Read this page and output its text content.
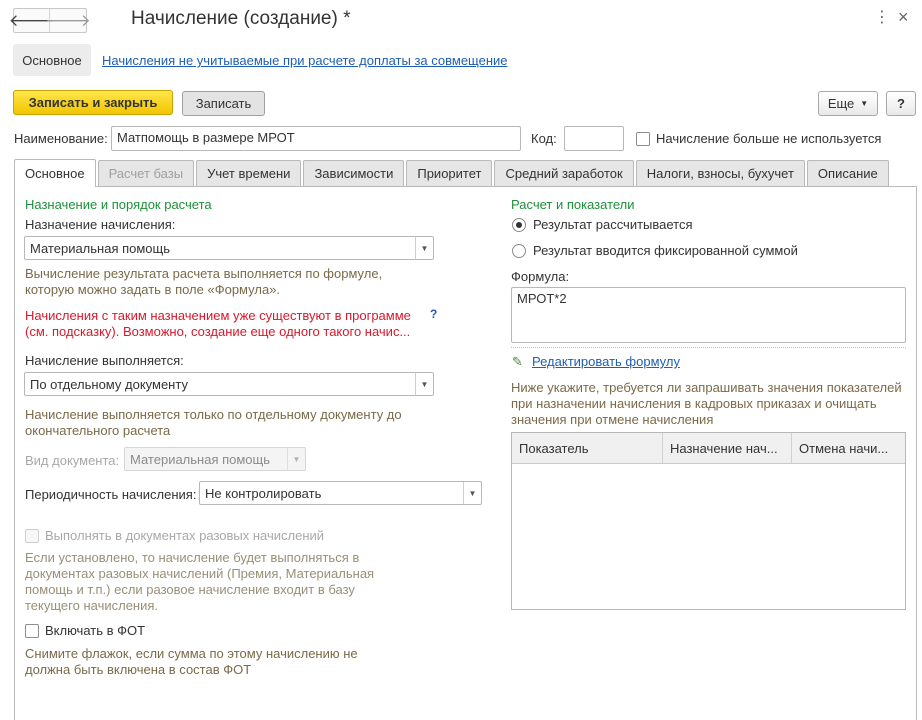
🡐
🡒 Начисление (создание) *	⋮ ×
Основное	Начисления не учитываемые при расчете доплаты за совмещение
Записать и закрыть	Записать	Еще ▼	?
Наименование: Матпомощь в размере МРОТ	Код:	Начисление больше не используется
Основное	Расчет базы	Учет времени	Зависимости	Приоритет	Средний заработок	Налоги, взносы, бухучет	Описание
Назначение и порядок расчета
Назначение начисления:
Материальная помощь	▼
Вычисление результата расчета выполняется по формуле,
которую можно задать в поле «Формула».
Начисления с таким назначением уже существуют в программе
(см. подсказку). Возможно, создание еще одного такого начис...
?
Начисление выполняется:
По отдельному документу	▼
Начисление выполняется только по отдельному документу до
окончательного расчета
Вид документа: Материальная помощь	▼
Периодичность начисления: Не контролировать	▼
Выполнять в документах разовых начислений
Если установлено, то начисление будет выполняться в
документах разовых начислений (Премия, Материальная
помощь и т.п.) если разовое начисление входит в базу
текущего начисления.
Включать в ФОТ
Снимите флажок, если сумма по этому начислению не
должна быть включена в состав ФОТ
Расчет и показатели
Результат рассчитывается
Результат вводится фиксированной суммой
Формула:
МРОТ*2
✎ Редактировать формулу
Ниже укажите, требуется ли запрашивать значения показателей
при назначении начисления в кадровых приказах и очищать
значения при отмене начисления
Показатель	Назначение нач...	Отмена начи...
